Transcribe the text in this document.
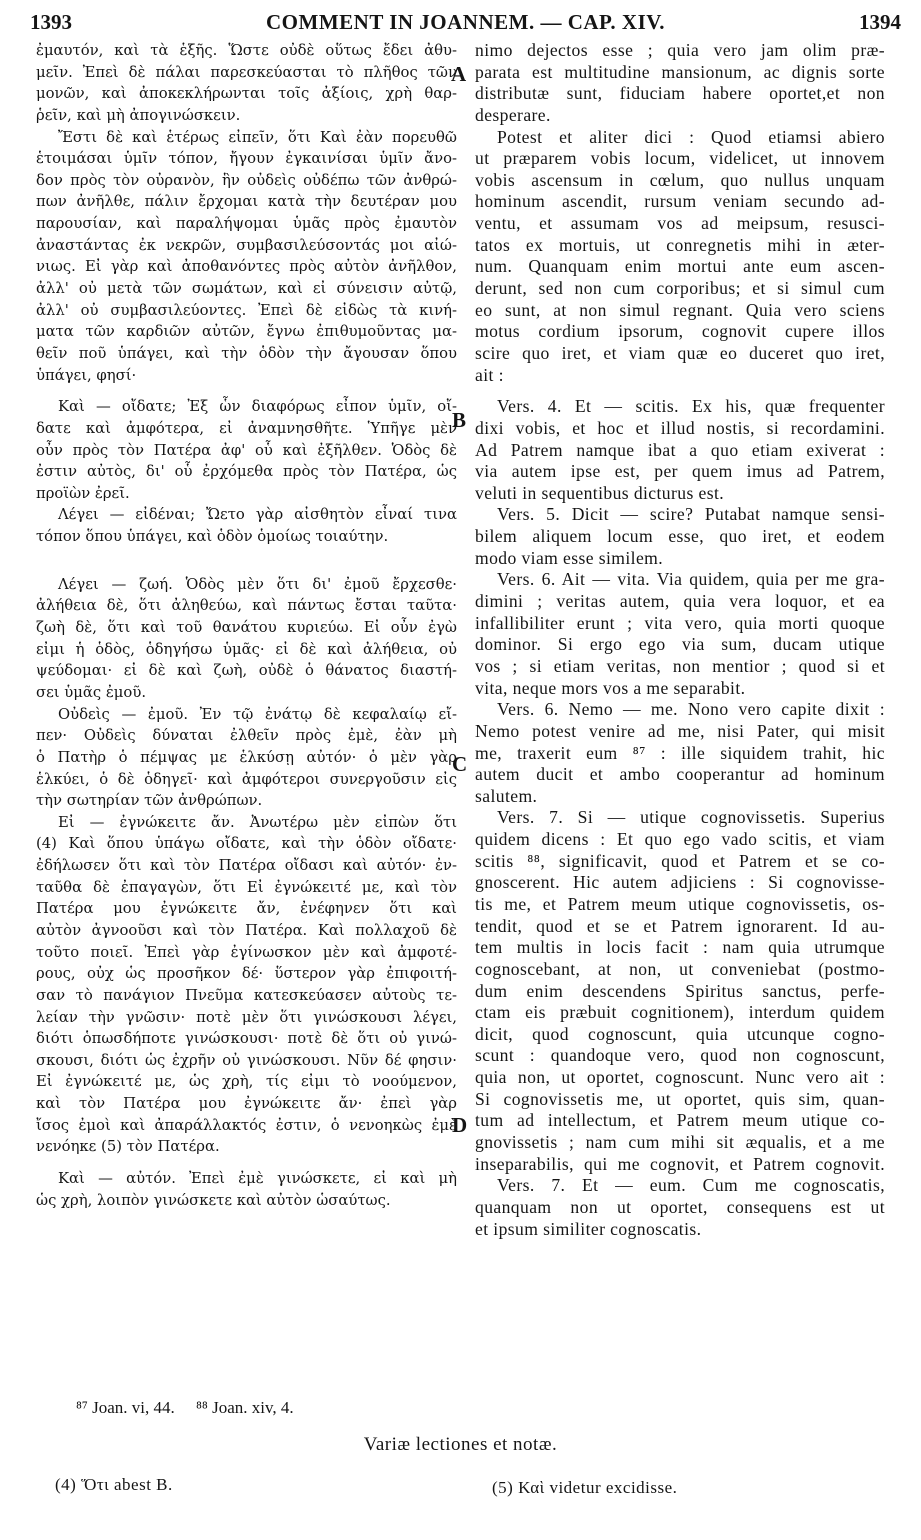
1393	COMMENT IN JOANNEM. — CAP. XIV.	1394
A
B
C
D
ἐμαυτόν, καὶ τὰ ἑξῆς. Ὥστε οὐδὲ οὕτως ἔδει ἀθυ-
μεῖν. Ἐπεὶ δὲ πάλαι παρεσκεύασται τὸ πλῆθος τῶν
μονῶν, καὶ ἀποκεκλήρωνται τοῖς ἀξίοις, χρὴ θαρ-
ῥεῖν, καὶ μὴ ἀπογινώσκειν.
Ἔστι δὲ καὶ ἑτέρως εἰπεῖν, ὅτι Καὶ ἐὰν πορευθῶ
ἑτοιμάσαι ὑμῖν τόπον, ἤγουν ἐγκαινίσαι ὑμῖν ἄνο-
δον πρὸς τὸν οὐρανὸν, ἣν οὐδεὶς οὐδέπω τῶν ἀνθρώ-
πων ἀνῆλθε, πάλιν ἔρχομαι κατὰ τὴν δευτέραν μου
παρουσίαν, καὶ παραλήψομαι ὑμᾶς πρὸς ἐμαυτὸν
ἀναστάντας ἐκ νεκρῶν, συμβασιλεύσοντάς μοι αἰώ-
νιως. Εἰ γὰρ καὶ ἀποθανόντες πρὸς αὐτὸν ἀνῆλθον,
ἀλλ' οὐ μετὰ τῶν σωμάτων, καὶ εἰ σύνεισιν αὐτῷ,
ἀλλ' οὐ συμβασιλεύοντες. Ἐπεὶ δὲ εἰδὼς τὰ κινή-
ματα τῶν καρδιῶν αὐτῶν, ἔγνω ἐπιθυμοῦντας μα-
θεῖν ποῦ ὑπάγει, καὶ τὴν ὁδὸν τὴν ἄγουσαν ὅπου
ὑπάγει, φησί·
Καὶ — οἴδατε; Ἐξ ὧν διαφόρως εἶπον ὑμῖν, οἴ-
δατε καὶ ἀμφότερα, εἰ ἀναμνησθῆτε. Ὑπῆγε μὲν
οὖν πρὸς τὸν Πατέρα ἀφ' οὗ καὶ ἐξῆλθεν. Ὁδὸς δὲ
ἐστιν αὐτὸς, δι' οὗ ἐρχόμεθα πρὸς τὸν Πατέρα, ὡς
προϊὼν ἐρεῖ.
Λέγει — εἰδέναι; Ὤετο γὰρ αἰσθητὸν εἶναί τινα
τόπον ὅπου ὑπάγει, καὶ ὁδὸν ὁμοίως τοιαύτην.
Λέγει — ζωή. Ὁδὸς μὲν ὅτι δι' ἐμοῦ ἔρχεσθε·
ἀλήθεια δὲ, ὅτι ἀληθεύω, καὶ πάντως ἔσται ταῦτα·
ζωὴ δὲ, ὅτι καὶ τοῦ θανάτου κυριεύω. Εἰ οὖν ἐγὼ
εἰμι ἡ ὁδὸς, ὁδηγήσω ὑμᾶς· εἰ δὲ καὶ ἀλήθεια, οὐ
ψεύδομαι· εἰ δὲ καὶ ζωὴ, οὐδὲ ὁ θάνατος διαστή-
σει ὑμᾶς ἐμοῦ.
Οὐδεὶς — ἐμοῦ. Ἐν τῷ ἐνάτῳ δὲ κεφαλαίῳ εἴ-
πεν· Οὐδεὶς δύναται ἐλθεῖν πρὸς ἐμὲ, ἐὰν μὴ
ὁ Πατὴρ ὁ πέμψας με ἑλκύσῃ αὐτόν· ὁ μὲν γὰρ
ἑλκύει, ὁ δὲ ὁδηγεῖ· καὶ ἀμφότεροι συνεργοῦσιν εἰς
τὴν σωτηρίαν τῶν ἀνθρώπων.
Εἰ — ἐγνώκειτε ἄν. Ἀνωτέρω μὲν εἰπὼν ὅτι
(4) Καὶ ὅπου ὑπάγω οἴδατε, καὶ τὴν ὁδὸν οἴδατε·
ἐδήλωσεν ὅτι καὶ τὸν Πατέρα οἴδασι καὶ αὐτόν· ἐν-
ταῦθα δὲ ἐπαγαγὼν, ὅτι Εἰ ἐγνώκειτέ με, καὶ τὸν
Πατέρα μου ἐγνώκειτε ἄν, ἐνέφηνεν ὅτι καὶ
αὐτὸν ἀγνοοῦσι καὶ τὸν Πατέρα. Καὶ πολλαχοῦ δὲ
τοῦτο ποιεῖ. Ἐπεὶ γὰρ ἐγίνωσκον μὲν καὶ ἀμφοτέ-
ρους, οὐχ ὡς προσῆκον δέ· ὕστερον γὰρ ἐπιφοιτή-
σαν τὸ πανάγιον Πνεῦμα κατεσκεύασεν αὐτοὺς τε-
λείαν τὴν γνῶσιν· ποτὲ μὲν ὅτι γινώσκουσι λέγει,
διότι ὁπωσδήποτε γινώσκουσι· ποτὲ δὲ ὅτι οὐ γινώ-
σκουσι, διότι ὡς ἐχρῆν οὐ γινώσκουσι. Νῦν δέ φησιν·
Εἰ ἐγνώκειτέ με, ὡς χρὴ, τίς εἰμι τὸ νοούμενον,
καὶ τὸν Πατέρα μου ἐγνώκειτε ἄν· ἐπεὶ γὰρ
ἴσος ἐμοὶ καὶ ἀπαράλλακτός ἐστιν, ὁ νενοηκὼς ἐμὲ
νενόηκε (5) τὸν Πατέρα.
Καὶ — αὐτόν. Ἐπεὶ ἐμὲ γινώσκετε, εἰ καὶ μὴ
ὡς χρὴ, λοιπὸν γινώσκετε καὶ αὐτὸν ὡσαύτως.
nimo dejectos esse ; quia vero jam olim præ-
parata est multitudine mansionum, ac dignis sorte
distributæ sunt, fiduciam habere oportet,et non
desperare.
Potest et aliter dici : Quod etiamsi abiero
ut præparem vobis locum, videlicet, ut innovem
vobis ascensum in cœlum, quo nullus unquam
hominum ascendit, rursum veniam secundo ad-
ventu, et assumam vos ad meipsum, resusci-
tatos ex mortuis, ut conregnetis mihi in æter-
num. Quanquam enim mortui ante eum ascen-
derunt, sed non cum corporibus; et si simul cum
eo sunt, at non simul regnant. Quia vero sciens
motus cordium ipsorum, cognovit cupere illos
scire quo iret, et viam quæ eo duceret quo iret,
ait :
Vers. 4. Et — scitis. Ex his, quæ frequenter
dixi vobis, et hoc et illud nostis, si recordamini.
Ad Patrem namque ibat a quo etiam exiverat :
via autem ipse est, per quem imus ad Patrem,
veluti in sequentibus dicturus est.
Vers. 5. Dicit — scire? Putabat namque sensi-
bilem aliquem locum esse, quo iret, et eodem
modo viam esse similem.
Vers. 6. Ait — vita. Via quidem, quia per me gra-
dimini ; veritas autem, quia vera loquor, et ea
infallibiliter erunt ; vita vero, quia morti quoque
dominor. Si ergo ego via sum, ducam utique
vos ; si etiam veritas, non mentior ; quod si et
vita, neque mors vos a me separabit.
Vers. 6. Nemo — me. Nono vero capite dixit :
Nemo potest venire ad me, nisi Pater, qui misit
me, traxerit eum ⁸⁷ : ille siquidem trahit, hic
autem ducit et ambo cooperantur ad hominum
salutem.
Vers. 7. Si — utique cognovissetis. Superius
quidem dicens : Et quo ego vado scitis, et viam
scitis ⁸⁸, significavit, quod et Patrem et se co-
gnoscerent. Hic autem adjiciens : Si cognovisse-
tis me, et Patrem meum utique cognovissetis, os-
tendit, quod et se et Patrem ignorarent. Id au-
tem multis in locis facit : nam quia utrumque
cognoscebant, at non, ut conveniebat (postmo-
dum enim descendens Spiritus sanctus, perfe-
ctam eis præbuit cognitionem), interdum quidem
dicit, quod cognoscunt, quia utcunque cogno-
scunt : quandoque vero, quod non cognoscunt,
quia non, ut oportet, cognoscunt. Nunc vero ait :
Si cognovissetis me, ut oportet, quis sim, quan-
tum ad intellectum, et Patrem meum utique co-
gnovissetis ; nam cum mihi sit æqualis, et a me
inseparabilis, qui me cognovit, et Patrem cognovit.
Vers. 7. Et — eum. Cum me cognoscatis,
quanquam non ut oportet, consequens est ut
et ipsum similiter cognoscatis.
⁸⁷ Joan. vi, 44.     ⁸⁸ Joan. xiv, 4.
Variæ lectiones et notæ.
(4) Ὅτι abest B.	(5) Καὶ videtur excidisse.
